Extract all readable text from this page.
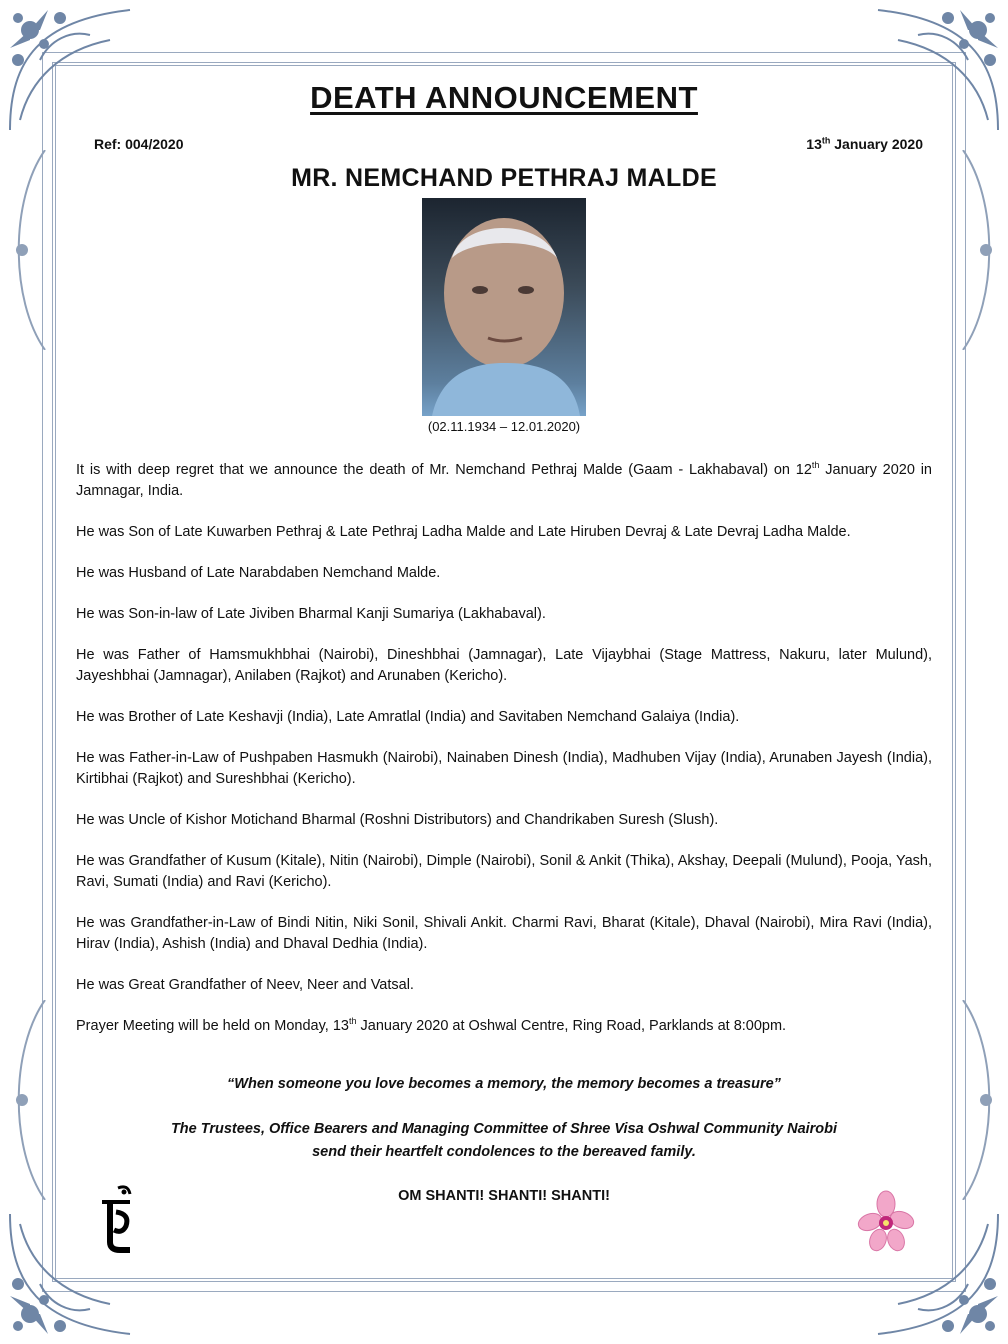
DEATH ANNOUNCEMENT
Ref: 004/2020	13th January 2020
MR. NEMCHAND PETHRAJ MALDE
(02.11.1934 – 12.01.2020)

It is with deep regret that we announce the death of Mr. Nemchand Pethraj Malde (Gaam - Lakhabaval) on 12th January 2020 in Jamnagar, India.

He was Son of Late Kuwarben Pethraj & Late Pethraj Ladha Malde and Late Hiruben Devraj & Late Devraj Ladha Malde.

He was Husband of Late Narabdaben Nemchand Malde.

He was Son-in-law of Late Jiviben Bharmal Kanji Sumariya (Lakhabaval).

He was Father of Hamsmukhbhai (Nairobi), Dineshbhai (Jamnagar), Late Vijaybhai (Stage Mattress, Nakuru, later Mulund), Jayeshbhai (Jamnagar), Anilaben (Rajkot) and Arunaben (Kericho).

He was Brother of Late Keshavji (India), Late Amratlal (India) and Savitaben Nemchand Galaiya (India).

He was Father-in-Law of Pushpaben Hasmukh (Nairobi), Nainaben Dinesh (India), Madhuben Vijay (India), Arunaben Jayesh (India), Kirtibhai (Rajkot) and Sureshbhai (Kericho).

He was Uncle of Kishor Motichand Bharmal (Roshni Distributors) and Chandrikaben Suresh (Slush).

He was Grandfather of Kusum (Kitale), Nitin (Nairobi), Dimple (Nairobi), Sonil & Ankit (Thika), Akshay, Deepali (Mulund), Pooja, Yash, Ravi, Sumati (India) and Ravi (Kericho).

He was Grandfather-in-Law of Bindi Nitin, Niki Sonil, Shivali Ankit. Charmi Ravi, Bharat (Kitale), Dhaval (Nairobi), Mira Ravi (India), Hirav (India), Ashish (India) and Dhaval Dedhia (India).

He was Great Grandfather of Neev, Neer and Vatsal.

Prayer Meeting will be held on Monday, 13th January 2020 at Oshwal Centre, Ring Road, Parklands at 8:00pm.

“When someone you love becomes a memory, the memory becomes a treasure”
The Trustees, Office Bearers and Managing Committee of Shree Visa Oshwal Community Nairobi
send their heartfelt condolences to the bereaved family.
OM SHANTI! SHANTI! SHANTI!
